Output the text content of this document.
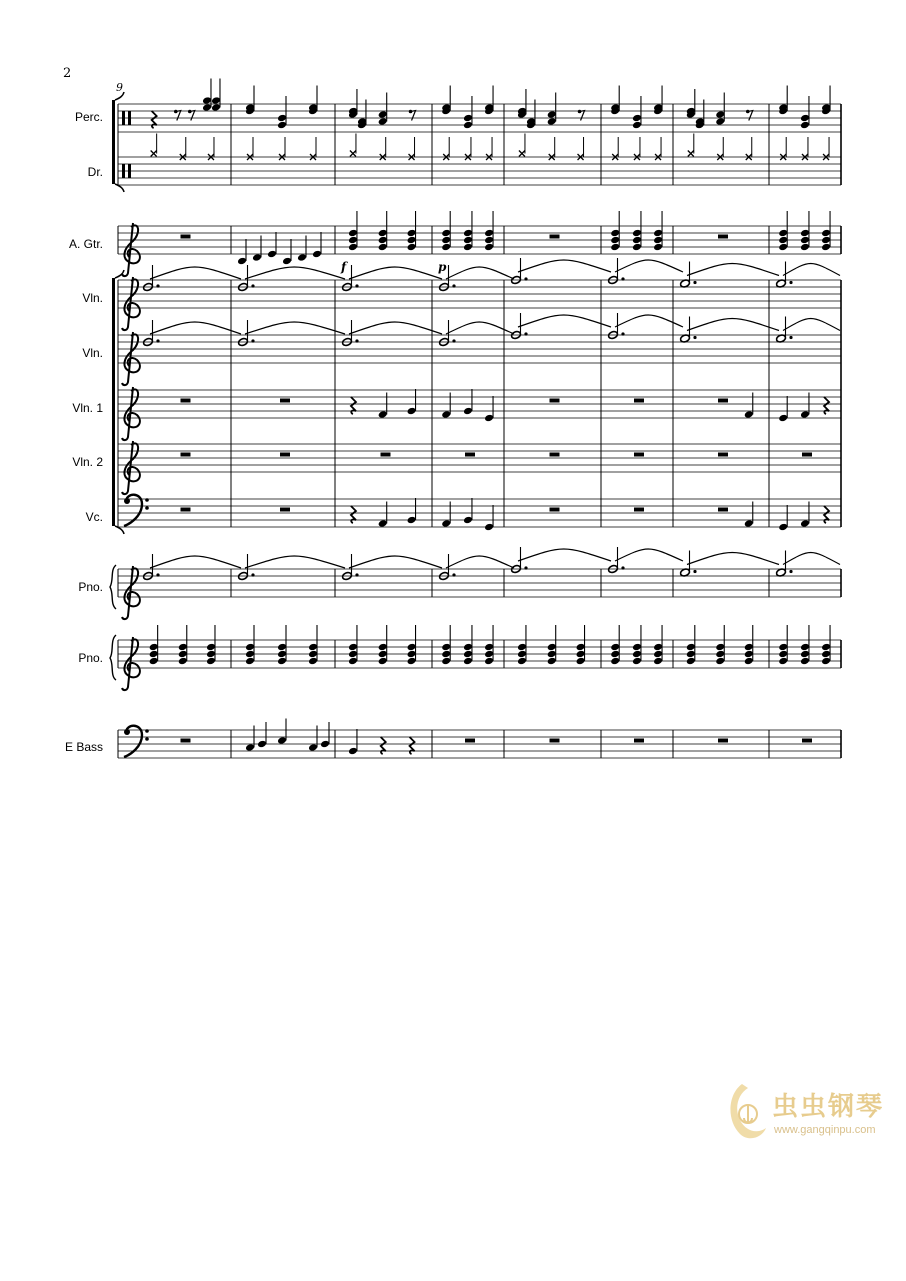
2
Perc.
Dr.
A. Gtr.
Vln.
Vln.
Vln. 1
Vln. 2
Vc.
Pno.
Pno.
E Bass
9
f	p
虫虫钢琴
www.gangqinpu.com
